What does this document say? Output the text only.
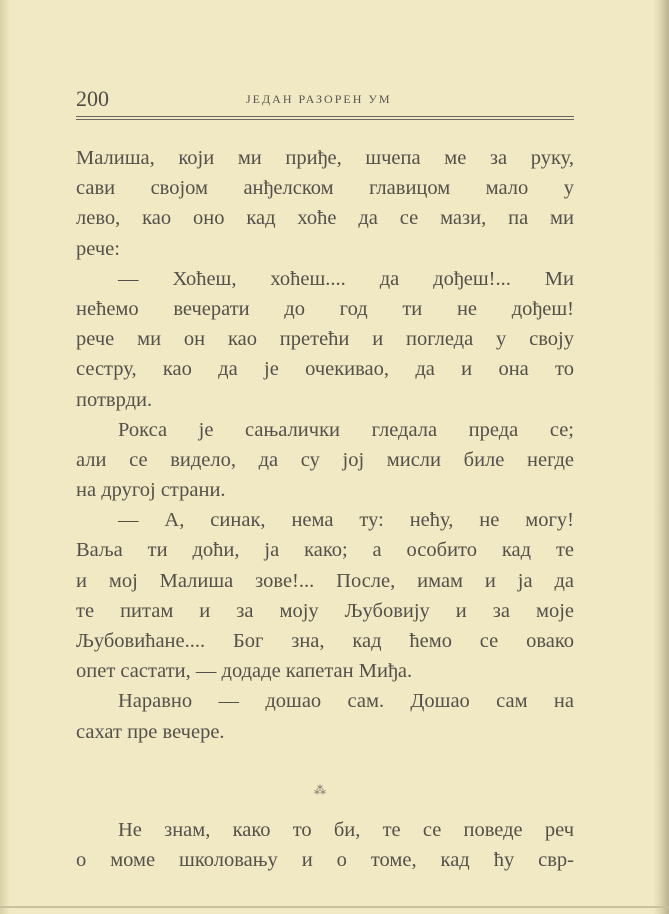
200	ЈЕДАН РАЗОРЕН УМ
Малиша, који ми приђе, шчепа ме за руку,
сави својом анђелском главицом мало у
лево, као оно кад хоће да се мази, па ми
рече:
— Хоћеш, хоћеш.... да дођеш!... Ми
нећемо вечерати до год ти не дођеш!
рече ми он као претећи и погледа у своју
сестру, као да је очекивао, да и она то
потврди.
Рокса је сањалички гледала преда се;
али се видело, да су јој мисли биле негде
на другој страни.
— А, синак, нема ту: нећу, не могу!
Ваља ти доћи, ја како; а особито кад те
и мој Малиша зове!... После, имам и ја да
те питам и за моју Љубовију и за моје
Љубовићане.... Бог зна, кад ћемо се овако
опет састати, — додаде капетан Миђа.
Наравно — дошао сам. Дошао сам на
сахат пре вечере.
⁂
Не знам, како то би, те се поведе реч
о моме школовању и о томе, кад ћу свр-
